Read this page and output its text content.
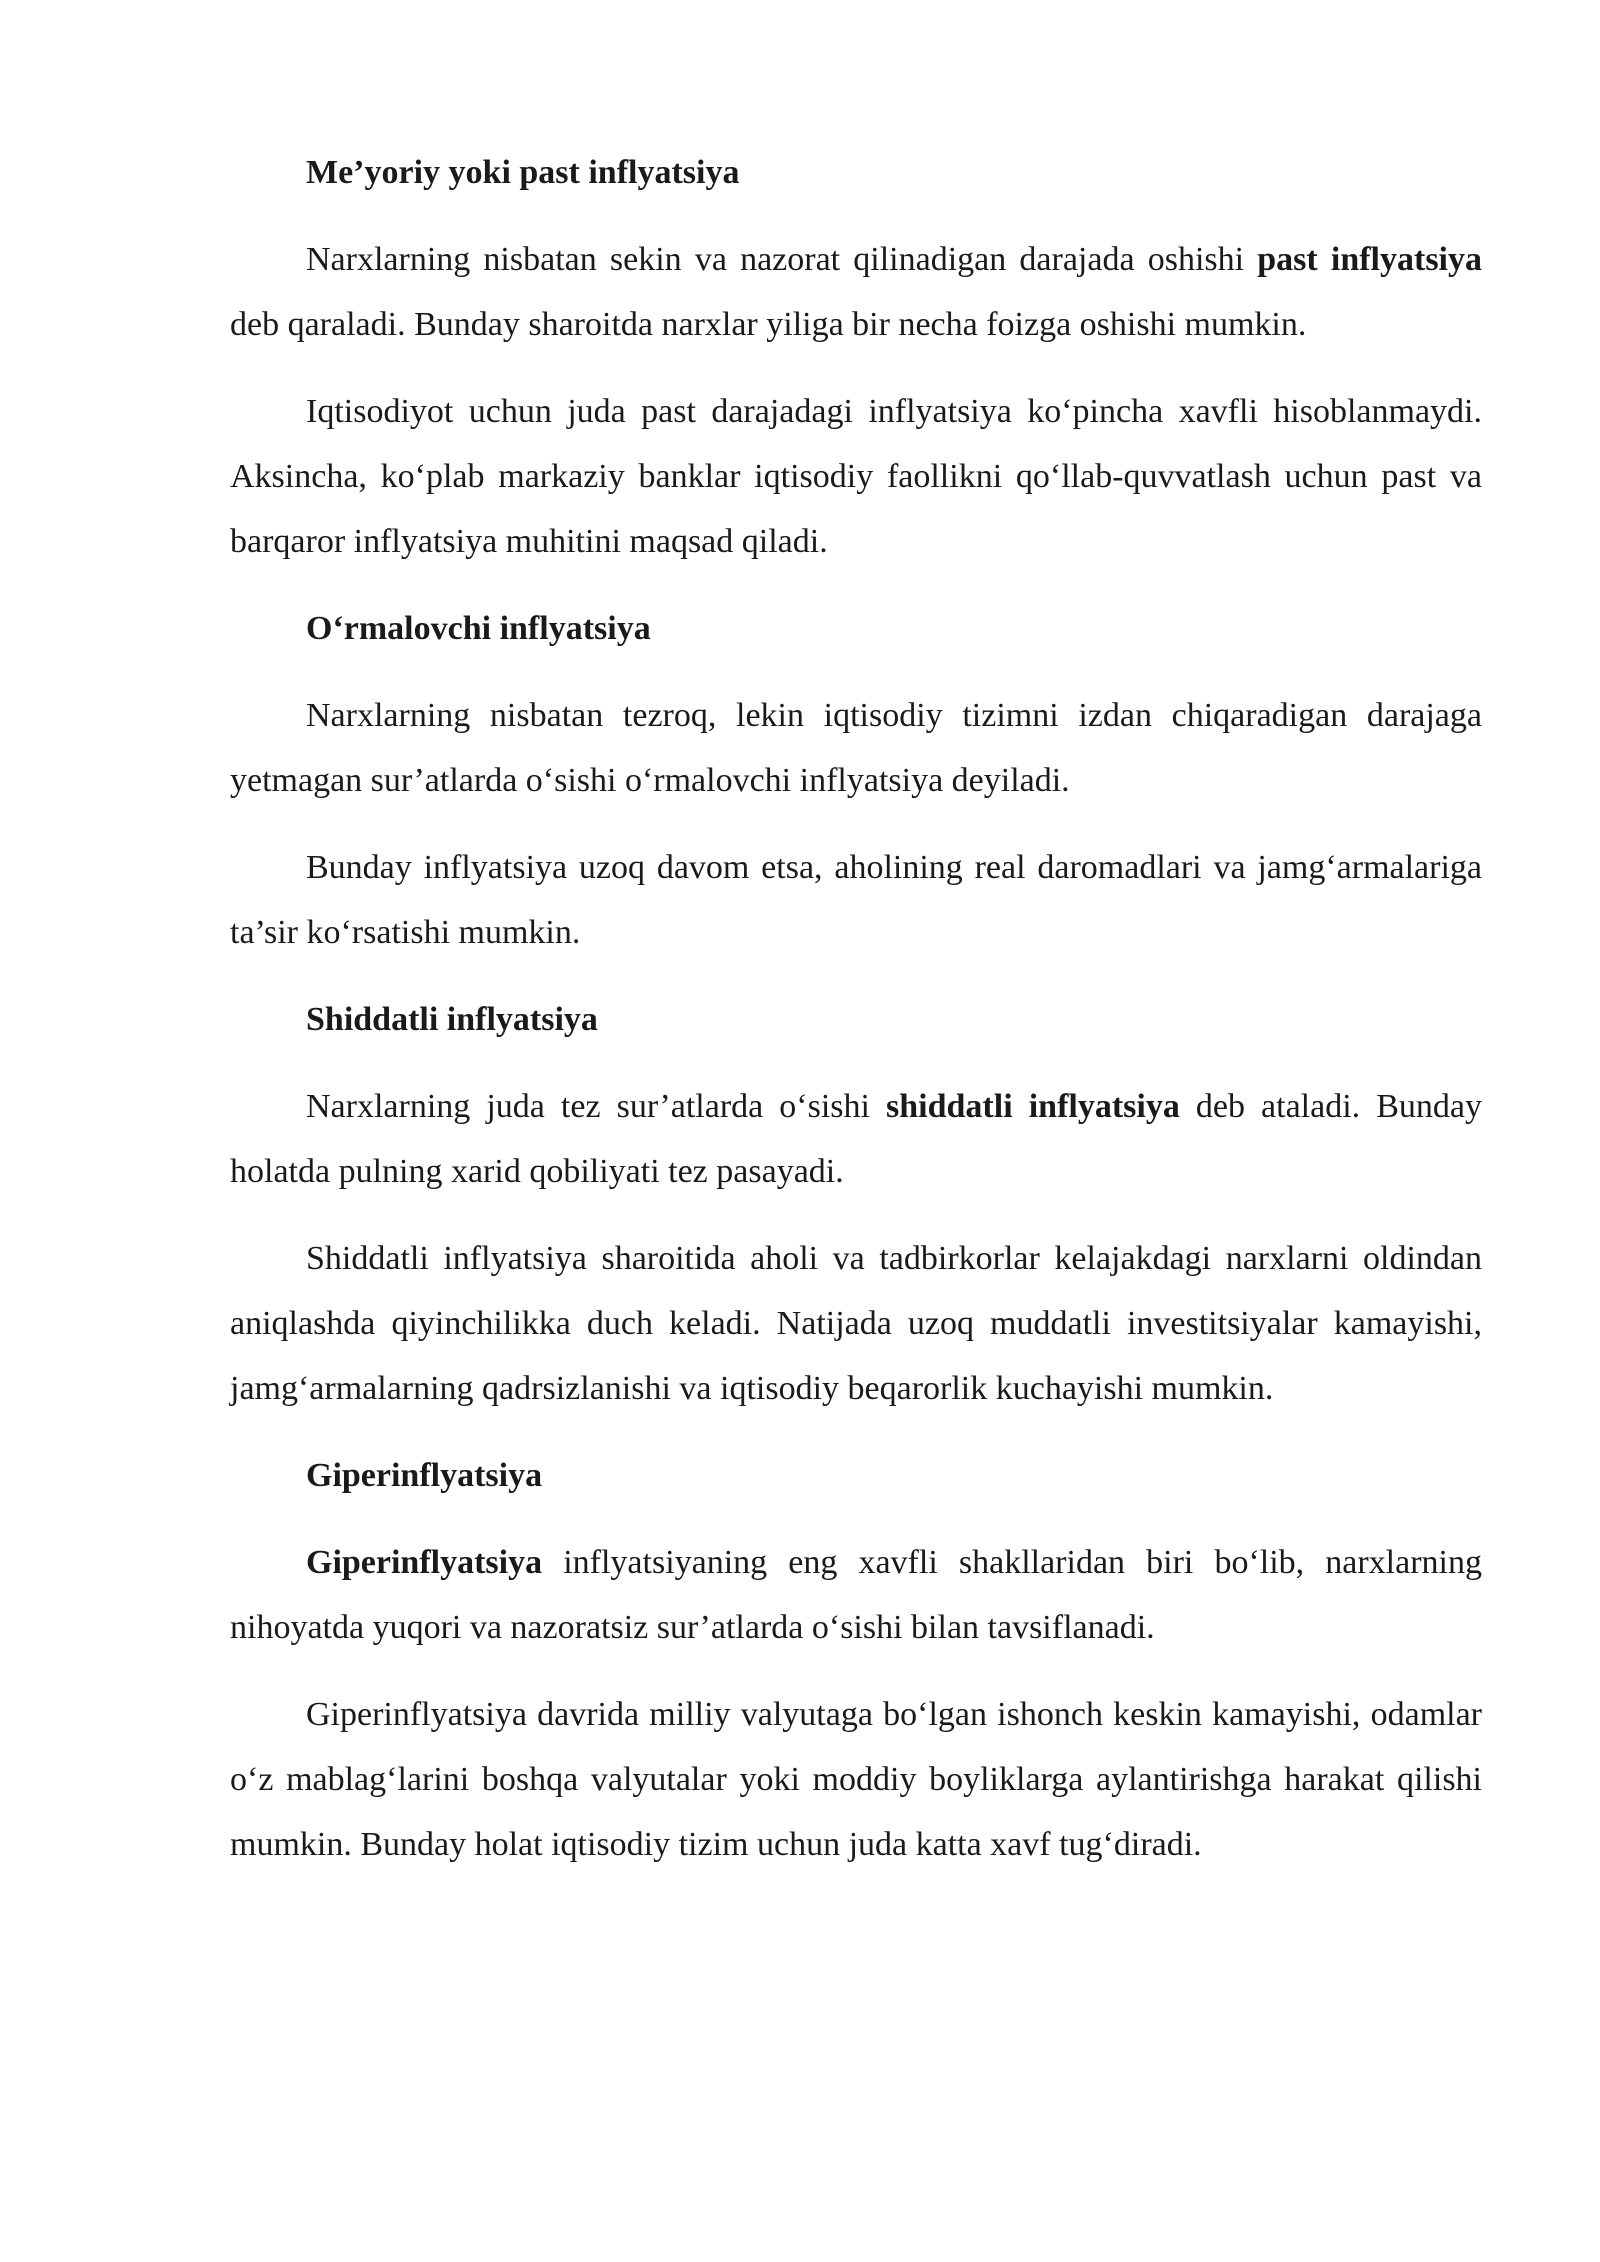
Me’yoriy yoki past inflyatsiya

Narxlarning nisbatan sekin va nazorat qilinadigan darajada oshishi past inflyatsiya deb qaraladi. Bunday sharoitda narxlar yiliga bir necha foizga oshishi mumkin.

Iqtisodiyot uchun juda past darajadagi inflyatsiya ko‘pincha xavfli hisoblanmaydi. Aksincha, ko‘plab markaziy banklar iqtisodiy faollikni qo‘llab-quvvatlash uchun past va barqaror inflyatsiya muhitini maqsad qiladi.

O‘rmalovchi inflyatsiya

Narxlarning nisbatan tezroq, lekin iqtisodiy tizimni izdan chiqaradigan darajaga yetmagan sur’atlarda o‘sishi o‘rmalovchi inflyatsiya deyiladi.

Bunday inflyatsiya uzoq davom etsa, aholining real daromadlari va jamg‘armalariga ta’sir ko‘rsatishi mumkin.

Shiddatli inflyatsiya

Narxlarning juda tez sur’atlarda o‘sishi shiddatli inflyatsiya deb ataladi. Bunday holatda pulning xarid qobiliyati tez pasayadi.

Shiddatli inflyatsiya sharoitida aholi va tadbirkorlar kelajakdagi narxlarni oldindan aniqlashda qiyinchilikka duch keladi. Natijada uzoq muddatli investitsiyalar kamayishi, jamg‘armalarning qadrsizlanishi va iqtisodiy beqarorlik kuchayishi mumkin.

Giperinflyatsiya

Giperinflyatsiya inflyatsiyaning eng xavfli shakllaridan biri bo‘lib, narxlarning nihoyatda yuqori va nazoratsiz sur’atlarda o‘sishi bilan tavsiflanadi.

Giperinflyatsiya davrida milliy valyutaga bo‘lgan ishonch keskin kamayishi, odamlar o‘z mablag‘larini boshqa valyutalar yoki moddiy boyliklarga aylantirishga harakat qilishi mumkin. Bunday holat iqtisodiy tizim uchun juda katta xavf tug‘diradi.
